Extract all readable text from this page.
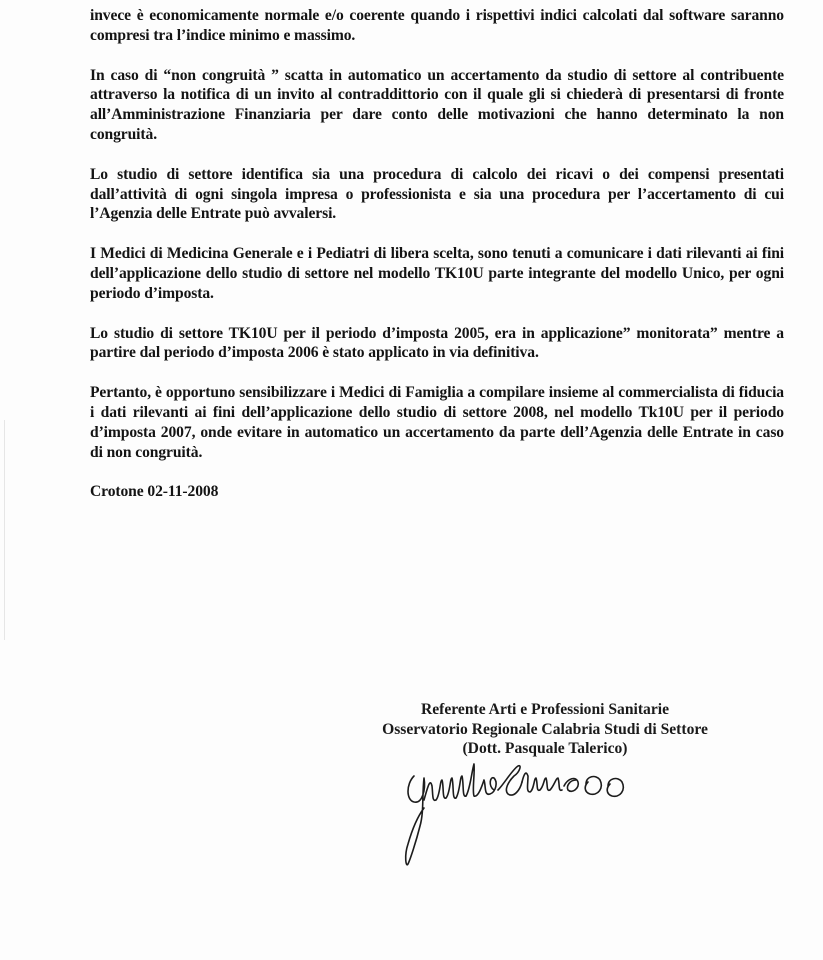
invece è economicamente normale e/o coerente quando i rispettivi indici calcolati dal software saranno compresi tra l’indice minimo e massimo.

In caso di “non congruità ” scatta in automatico un accertamento da studio di settore al contribuente attraverso la notifica di un invito al contraddittorio con il quale gli si chiederà di presentarsi di fronte all’Amministrazione Finanziaria per dare conto delle motivazioni che hanno determinato la non congruità.

Lo studio di settore identifica sia una procedura di calcolo dei ricavi o dei compensi presentati dall’attività di ogni singola impresa o professionista e sia una procedura per l’accertamento di cui l’Agenzia delle Entrate può avvalersi.

I Medici di Medicina Generale e i Pediatri di libera scelta, sono tenuti a comunicare i dati rilevanti ai fini dell’applicazione dello studio di settore nel modello TK10U parte integrante del modello Unico, per ogni periodo d’imposta.

Lo studio di settore TK10U per il periodo d’imposta 2005, era in applicazione” monitorata” mentre a partire dal periodo d’imposta 2006 è stato applicato in via definitiva.

Pertanto, è opportuno sensibilizzare i Medici di Famiglia a compilare insieme al commercialista di fiducia i dati rilevanti ai fini dell’applicazione dello studio di settore 2008, nel modello Tk10U per il periodo d’imposta 2007, onde evitare in automatico un accertamento da parte dell’Agenzia delle Entrate in caso di non congruità.

Crotone 02-11-2008

Referente Arti e Professioni Sanitarie
Osservatorio Regionale Calabria Studi di Settore
(Dott. Pasquale Talerico)
